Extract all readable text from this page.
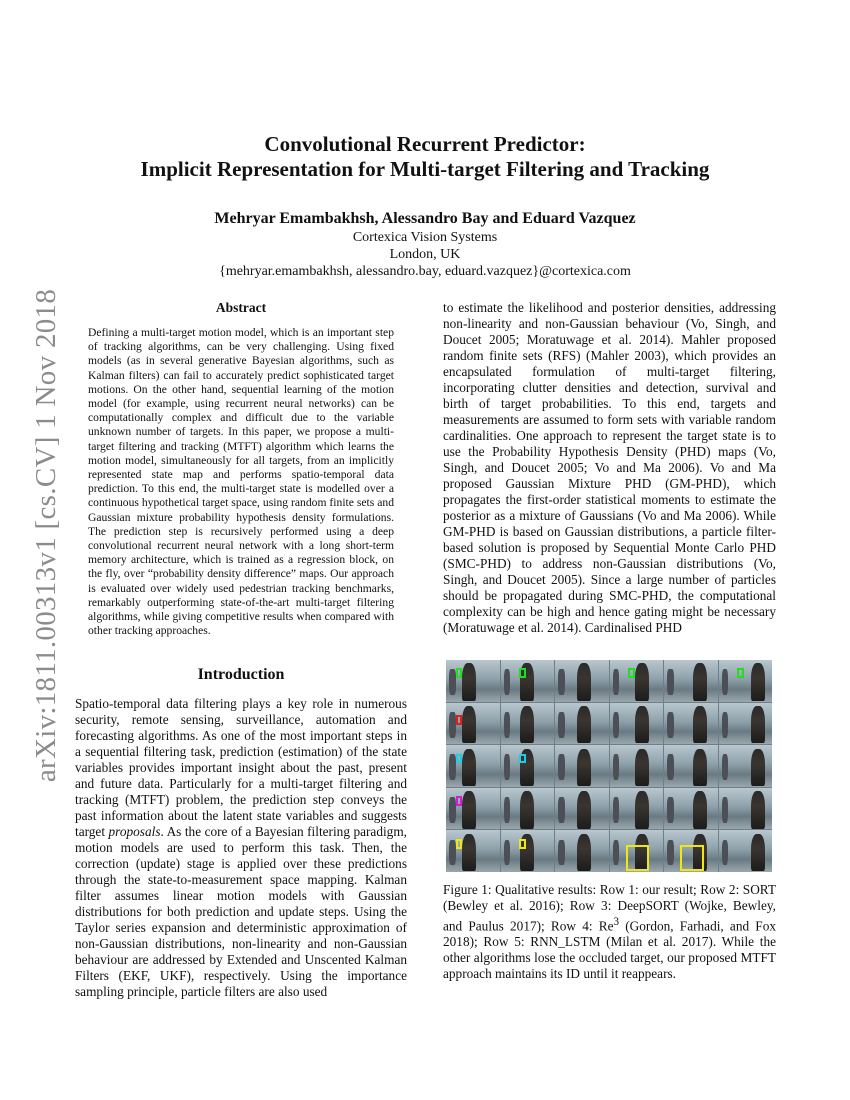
arXiv:1811.00313v1 [cs.CV] 1 Nov 2018

Convolutional Recurrent Predictor:
Implicit Representation for Multi-target Filtering and Tracking

Mehryar Emambakhsh, Alessandro Bay and Eduard Vazquez
Cortexica Vision Systems
London, UK
{mehryar.emambakhsh, alessandro.bay, eduard.vazquez}@cortexica.com

Abstract

Defining a multi-target motion model, which is an important step of tracking algorithms, can be very challenging. Using fixed models (as in several generative Bayesian algorithms, such as Kalman filters) can fail to accurately predict sophisticated target motions. On the other hand, sequential learning of the motion model (for example, using recurrent neural networks) can be computationally complex and difficult due to the variable unknown number of targets. In this paper, we propose a multi-target filtering and tracking (MTFT) algorithm which learns the motion model, simultaneously for all targets, from an implicitly represented state map and performs spatio-temporal data prediction. To this end, the multi-target state is modelled over a continuous hypothetical target space, using random finite sets and Gaussian mixture probability hypothesis density formulations. The prediction step is recursively performed using a deep convolutional recurrent neural network with a long short-term memory architecture, which is trained as a regression block, on the fly, over “probability density difference” maps. Our approach is evaluated over widely used pedestrian tracking benchmarks, remarkably outperforming state-of-the-art multi-target filtering algorithms, while giving competitive results when compared with other tracking approaches.

Introduction

Spatio-temporal data filtering plays a key role in numerous security, remote sensing, surveillance, automation and forecasting algorithms. As one of the most important steps in a sequential filtering task, prediction (estimation) of the state variables provides important insight about the past, present and future data. Particularly for a multi-target filtering and tracking (MTFT) problem, the prediction step conveys the past information about the latent state variables and suggests target proposals. As the core of a Bayesian filtering paradigm, motion models are used to perform this task. Then, the correction (update) stage is applied over these predictions through the state-to-measurement space mapping. Kalman filter assumes linear motion models with Gaussian distributions for both prediction and update steps. Using the Taylor series expansion and deterministic approximation of non-Gaussian distributions, non-linearity and non-Gaussian behaviour are addressed by Extended and Unscented Kalman Filters (EKF, UKF), respectively. Using the importance sampling principle, particle filters are also used

to estimate the likelihood and posterior densities, addressing non-linearity and non-Gaussian behaviour (Vo, Singh, and Doucet 2005; Moratuwage et al. 2014). Mahler proposed random finite sets (RFS) (Mahler 2003), which provides an encapsulated formulation of multi-target filtering, incorporating clutter densities and detection, survival and birth of target probabilities. To this end, targets and measurements are assumed to form sets with variable random cardinalities. One approach to represent the target state is to use the Probability Hypothesis Density (PHD) maps (Vo, Singh, and Doucet 2005; Vo and Ma 2006). Vo and Ma proposed Gaussian Mixture PHD (GM-PHD), which propagates the first-order statistical moments to estimate the posterior as a mixture of Gaussians (Vo and Ma 2006). While GM-PHD is based on Gaussian distributions, a particle filter-based solution is proposed by Sequential Monte Carlo PHD (SMC-PHD) to address non-Gaussian distributions (Vo, Singh, and Doucet 2005). Since a large number of particles should be propagated during SMC-PHD, the computational complexity can be high and hence gating might be necessary (Moratuwage et al. 2014). Cardinalised PHD

Figure 1: Qualitative results: Row 1: our result; Row 2: SORT (Bewley et al. 2016); Row 3: DeepSORT (Wojke, Bewley, and Paulus 2017); Row 4: Re$^3$ (Gordon, Farhadi, and Fox 2018); Row 5: RNN_LSTM (Milan et al. 2017). While the other algorithms lose the occluded target, our proposed MTFT approach maintains its ID until it reappears.
